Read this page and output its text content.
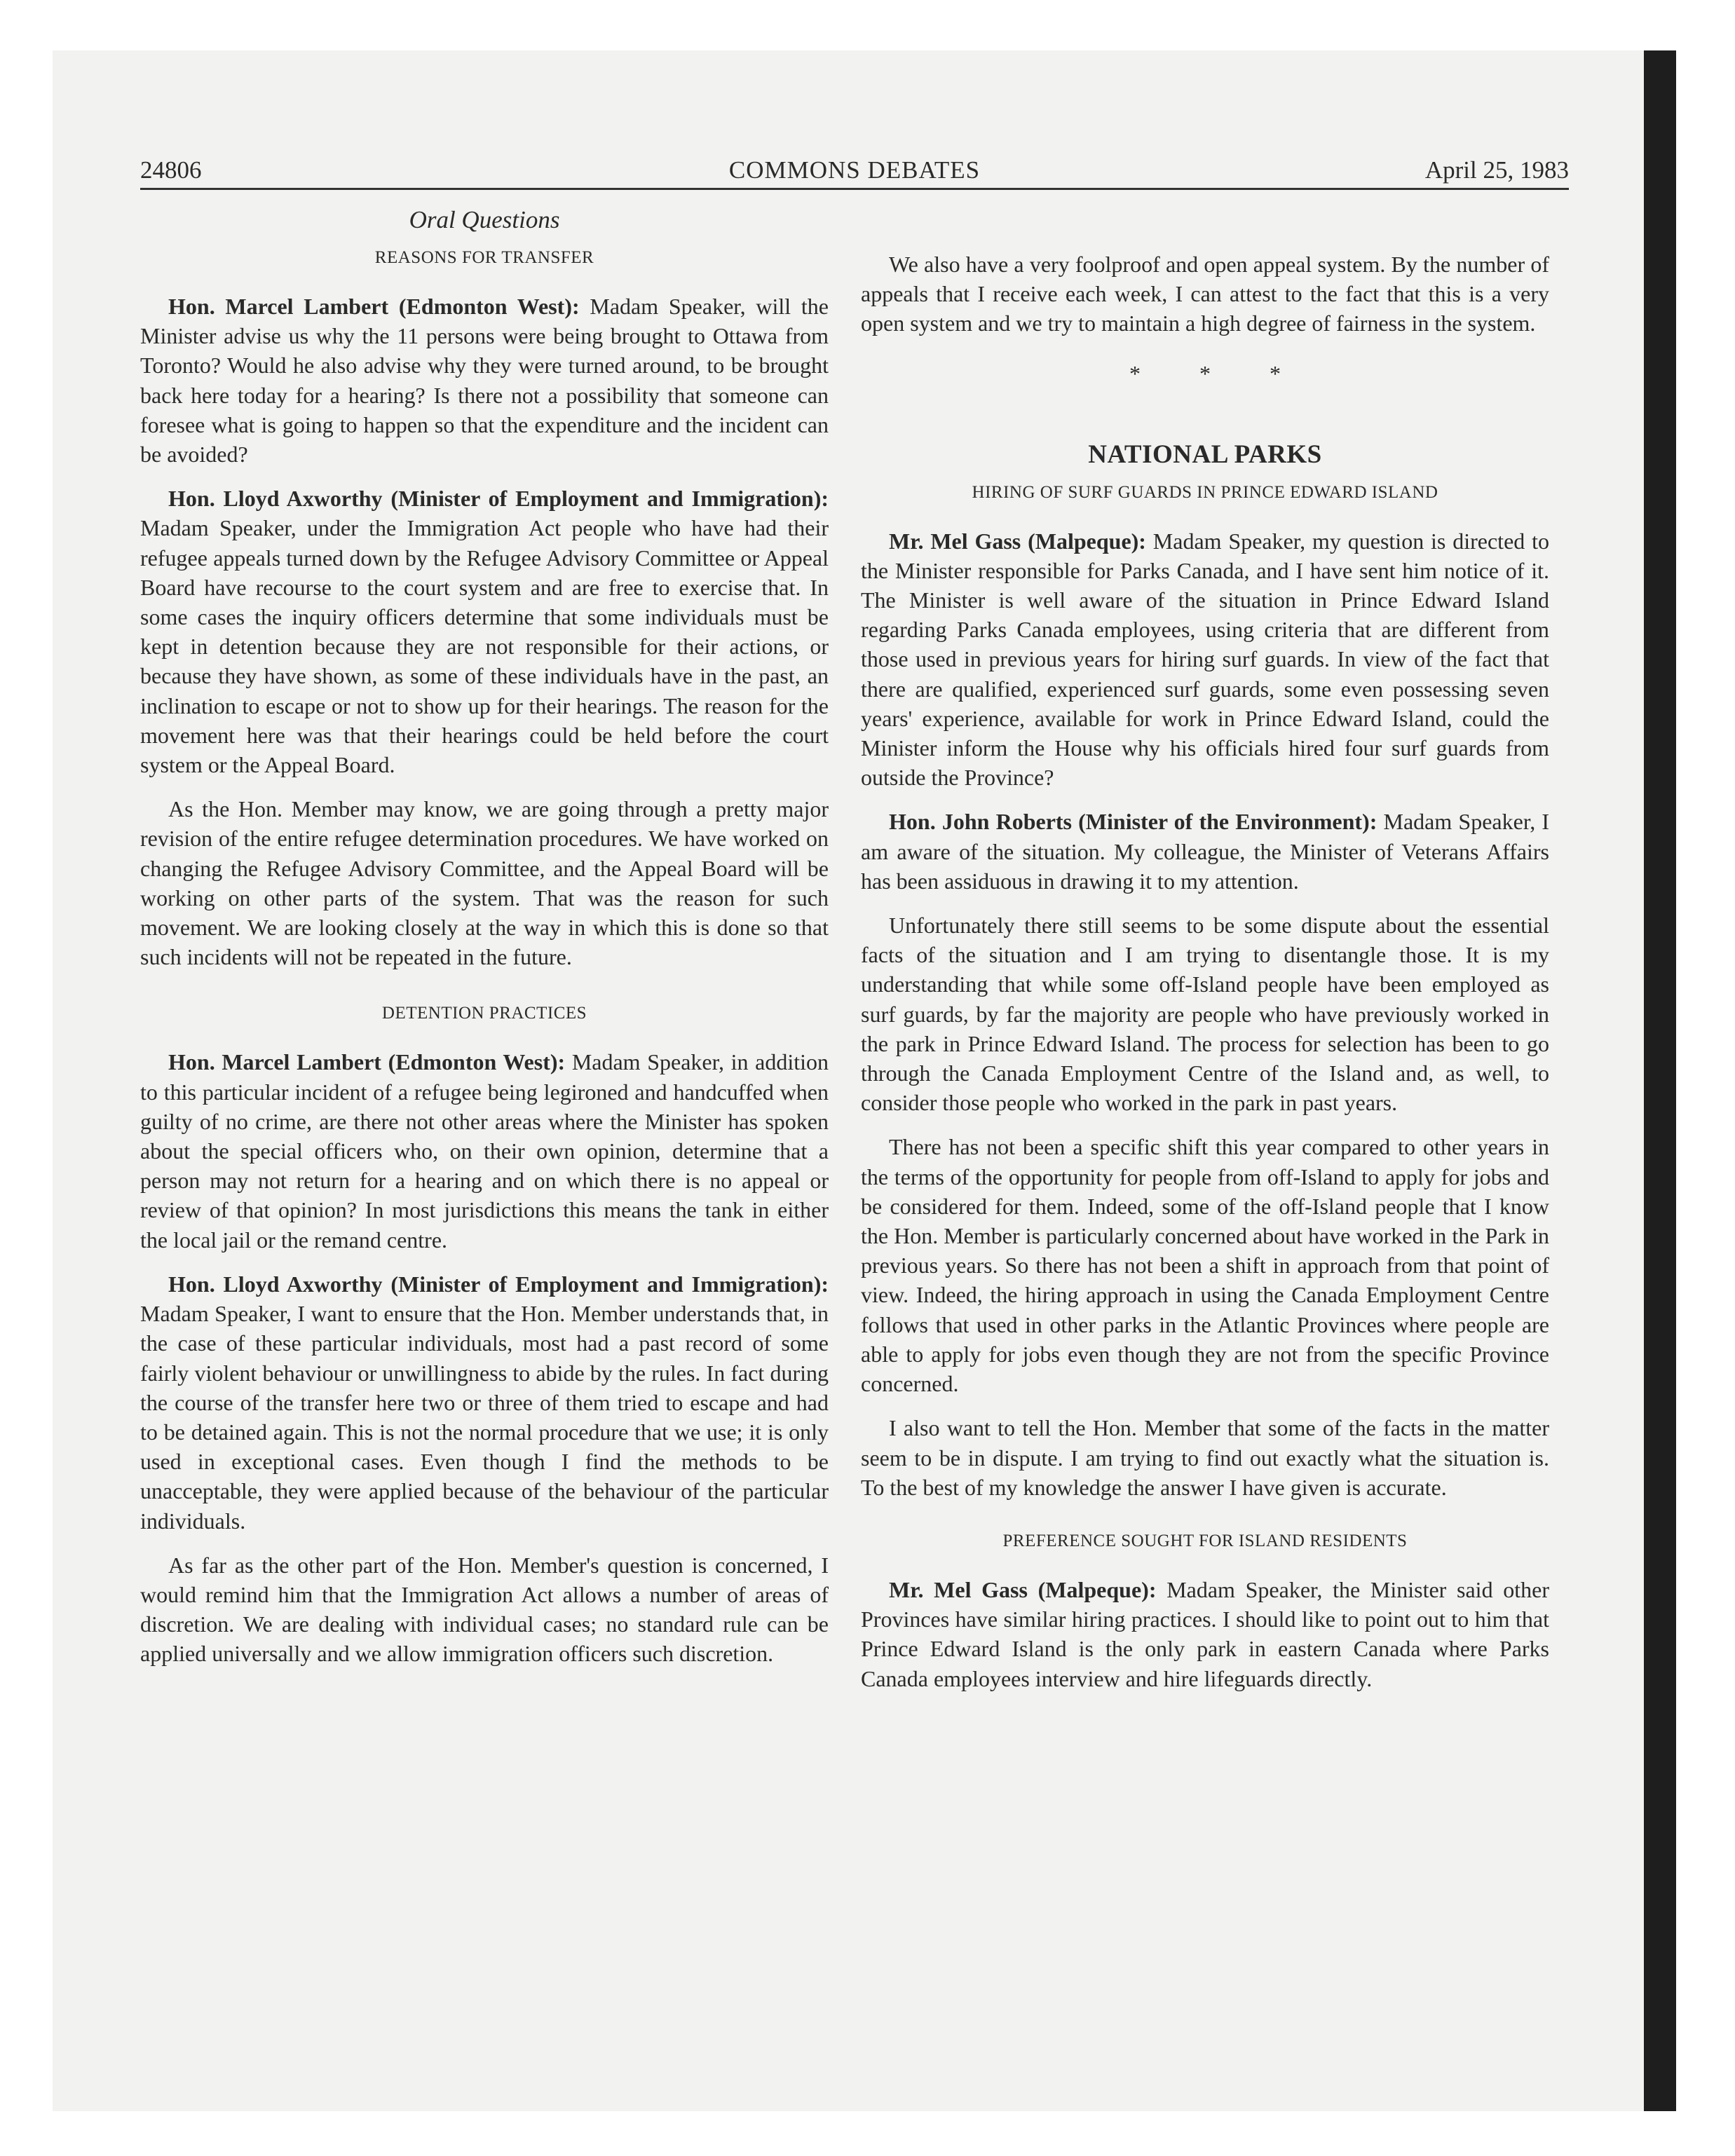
24806	COMMONS DEBATES	April 25, 1983
Oral Questions
REASONS FOR TRANSFER

Hon. Marcel Lambert (Edmonton West): Madam Speaker, will the Minister advise us why the 11 persons were being brought to Ottawa from Toronto? Would he also advise why they were turned around, to be brought back here today for a hearing? Is there not a possibility that someone can foresee what is going to happen so that the expenditure and the incident can be avoided?

Hon. Lloyd Axworthy (Minister of Employment and Immigration): Madam Speaker, under the Immigration Act people who have had their refugee appeals turned down by the Refugee Advisory Committee or Appeal Board have recourse to the court system and are free to exercise that. In some cases the inquiry officers determine that some individuals must be kept in detention because they are not responsible for their actions, or because they have shown, as some of these individuals have in the past, an inclination to escape or not to show up for their hearings. The reason for the movement here was that their hearings could be held before the court system or the Appeal Board.

As the Hon. Member may know, we are going through a pretty major revision of the entire refugee determination procedures. We have worked on changing the Refugee Advisory Committee, and the Appeal Board will be working on other parts of the system. That was the reason for such movement. We are looking closely at the way in which this is done so that such incidents will not be repeated in the future.

DETENTION PRACTICES

Hon. Marcel Lambert (Edmonton West): Madam Speaker, in addition to this particular incident of a refugee being legironed and handcuffed when guilty of no crime, are there not other areas where the Minister has spoken about the special officers who, on their own opinion, determine that a person may not return for a hearing and on which there is no appeal or review of that opinion? In most jurisdictions this means the tank in either the local jail or the remand centre.

Hon. Lloyd Axworthy (Minister of Employment and Immigration): Madam Speaker, I want to ensure that the Hon. Member understands that, in the case of these particular individuals, most had a past record of some fairly violent behaviour or unwillingness to abide by the rules. In fact during the course of the transfer here two or three of them tried to escape and had to be detained again. This is not the normal procedure that we use; it is only used in exceptional cases. Even though I find the methods to be unacceptable, they were applied because of the behaviour of the particular individuals.

As far as the other part of the Hon. Member's question is concerned, I would remind him that the Immigration Act allows a number of areas of discretion. We are dealing with individual cases; no standard rule can be applied universally and we allow immigration officers such discretion.

We also have a very foolproof and open appeal system. By the number of appeals that I receive each week, I can attest to the fact that this is a very open system and we try to maintain a high degree of fairness in the system.

* * *
NATIONAL PARKS
HIRING OF SURF GUARDS IN PRINCE EDWARD ISLAND

Mr. Mel Gass (Malpeque): Madam Speaker, my question is directed to the Minister responsible for Parks Canada, and I have sent him notice of it. The Minister is well aware of the situation in Prince Edward Island regarding Parks Canada employees, using criteria that are different from those used in previous years for hiring surf guards. In view of the fact that there are qualified, experienced surf guards, some even possessing seven years' experience, available for work in Prince Edward Island, could the Minister inform the House why his officials hired four surf guards from outside the Province?

Hon. John Roberts (Minister of the Environment): Madam Speaker, I am aware of the situation. My colleague, the Minister of Veterans Affairs has been assiduous in drawing it to my attention.

Unfortunately there still seems to be some dispute about the essential facts of the situation and I am trying to disentangle those. It is my understanding that while some off-Island people have been employed as surf guards, by far the majority are people who have previously worked in the park in Prince Edward Island. The process for selection has been to go through the Canada Employment Centre of the Island and, as well, to consider those people who worked in the park in past years.

There has not been a specific shift this year compared to other years in the terms of the opportunity for people from off-Island to apply for jobs and be considered for them. Indeed, some of the off-Island people that I know the Hon. Member is particularly concerned about have worked in the Park in previous years. So there has not been a shift in approach from that point of view. Indeed, the hiring approach in using the Canada Employment Centre follows that used in other parks in the Atlantic Provinces where people are able to apply for jobs even though they are not from the specific Province concerned.

I also want to tell the Hon. Member that some of the facts in the matter seem to be in dispute. I am trying to find out exactly what the situation is. To the best of my knowledge the answer I have given is accurate.

PREFERENCE SOUGHT FOR ISLAND RESIDENTS

Mr. Mel Gass (Malpeque): Madam Speaker, the Minister said other Provinces have similar hiring practices. I should like to point out to him that Prince Edward Island is the only park in eastern Canada where Parks Canada employees interview and hire lifeguards directly.
